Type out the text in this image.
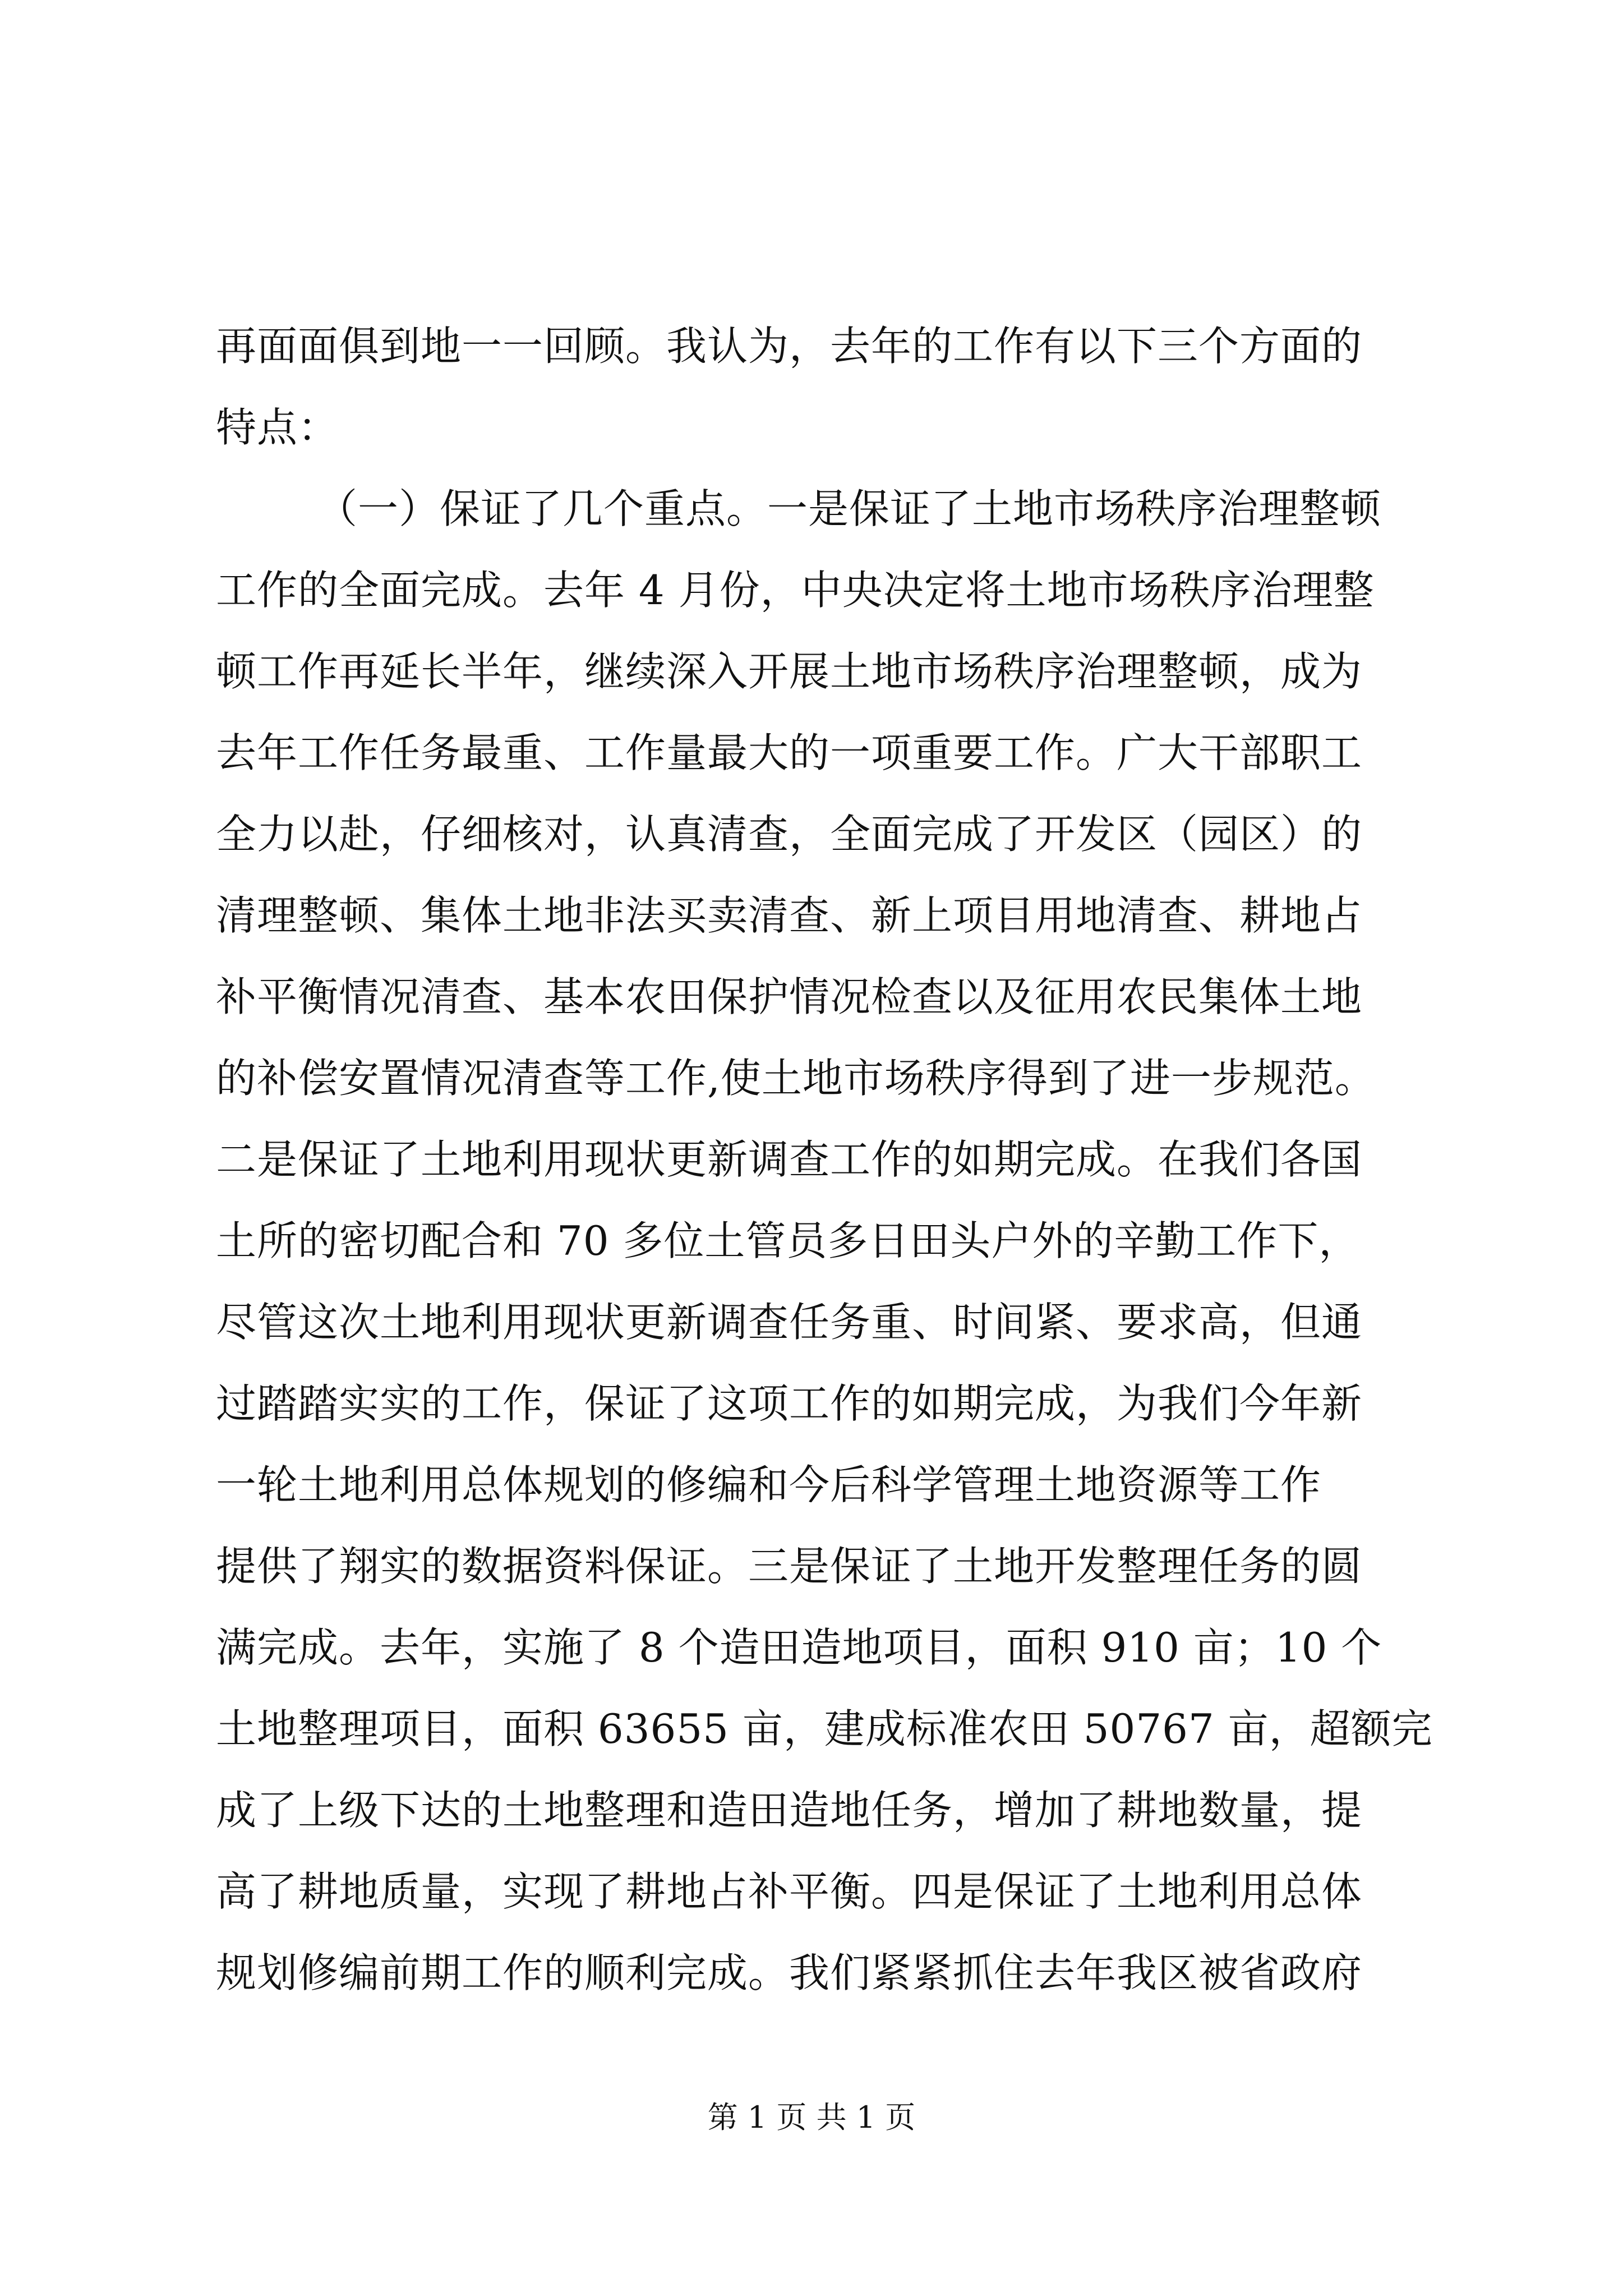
再面面俱到地一一回顾。我认为，去年的工作有以下三个方面的
特点：
（一）保证了几个重点。一是保证了土地市场秩序治理整顿
工作的全面完成。去年 4 月份，中央决定将土地市场秩序治理整
顿工作再延长半年，继续深入开展土地市场秩序治理整顿，成为
去年工作任务最重、工作量最大的一项重要工作。广大干部职工
全力以赴，仔细核对，认真清查，全面完成了开发区（园区）的
清理整顿、集体土地非法买卖清查、新上项目用地清查、耕地占
补平衡情况清查、基本农田保护情况检查以及征用农民集体土地
的补偿安置情况清查等工作,使土地市场秩序得到了进一步规范。
二是保证了土地利用现状更新调查工作的如期完成。在我们各国
土所的密切配合和 70 多位土管员多日田头户外的辛勤工作下，
尽管这次土地利用现状更新调查任务重、时间紧、要求高，但通
过踏踏实实的工作，保证了这项工作的如期完成，为我们今年新
一轮土地利用总体规划的修编和今后科学管理土地资源等工作
提供了翔实的数据资料保证。三是保证了土地开发整理任务的圆
满完成。去年，实施了 8 个造田造地项目，面积 910 亩；10 个
土地整理项目，面积 63655 亩，建成标准农田 50767 亩，超额完
成了上级下达的土地整理和造田造地任务，增加了耕地数量，提
高了耕地质量，实现了耕地占补平衡。四是保证了土地利用总体
规划修编前期工作的顺利完成。我们紧紧抓住去年我区被省政府
第 1 页 共 1 页
